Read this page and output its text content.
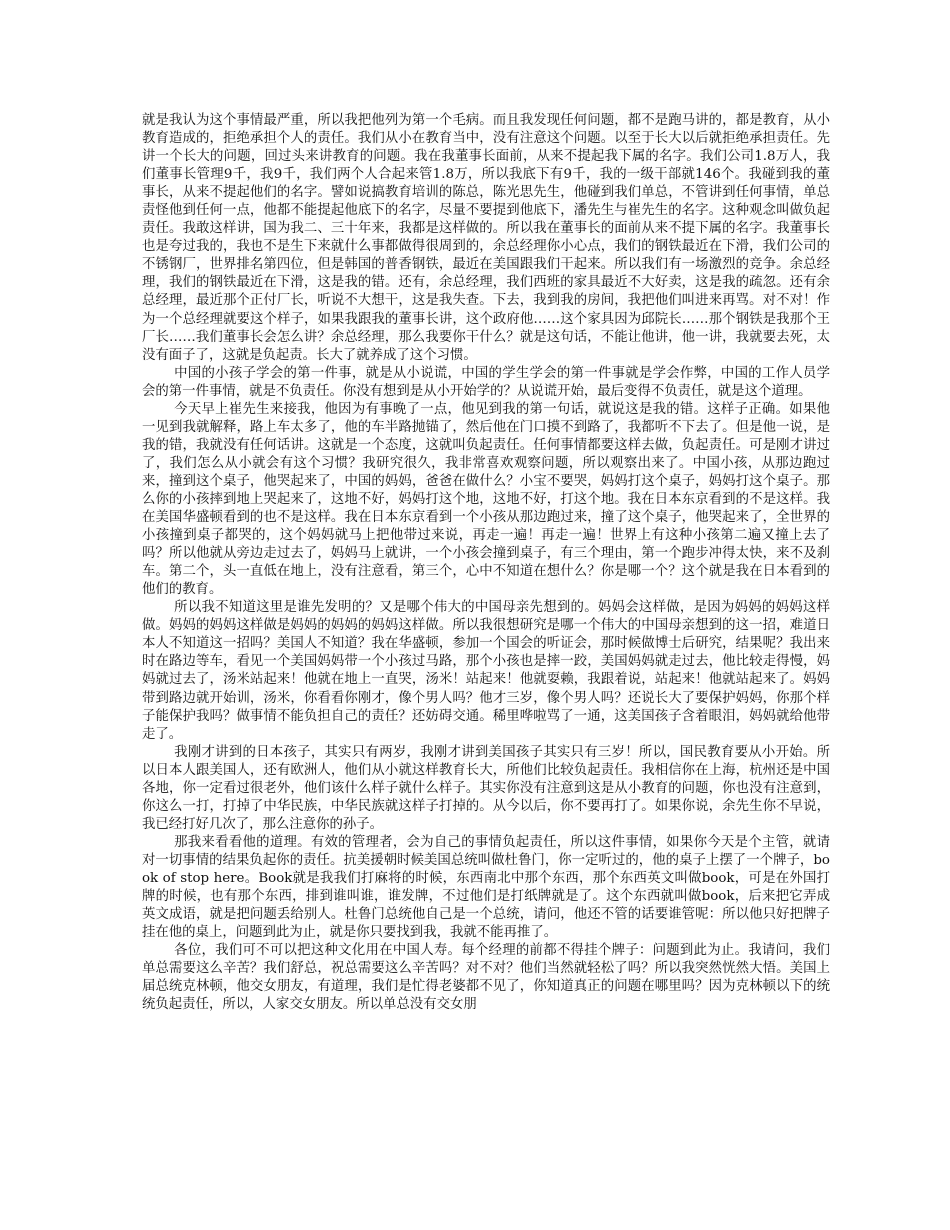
就是我认为这个事情最严重，所以我把他列为第一个毛病。而且我发现任何问题，都不是跑马讲的，都是教育，从小教育造成的，拒绝承担个人的责任。我们从小在教育当中，没有注意这个问题。以至于长大以后就拒绝承担责任。先讲一个长大的问题，回过头来讲教育的问题。我在我董事长面前，从来不提起我下属的名字。我们公司1.8万人，我们董事长管理9千，我9千，我们两个人合起来管1.8万，所以我底下有9千，我的一级干部就146个。我碰到我的董事长，从来不提起他们的名字。譬如说搞教育培训的陈总，陈光思先生，他碰到我们单总，不管讲到任何事情，单总责怪他到任何一点，他都不能提起他底下的名字，尽量不要提到他底下，潘先生与崔先生的名字。这种观念叫做负起责任。我敢这样讲，国为我二、三十年来，我都是这样做的。所以我在董事长的面前从来不提下属的名字。我董事长也是夸过我的，我也不是生下来就什么事都做得很周到的，余总经理你小心点，我们的钢铁最近在下滑，我们公司的不锈钢厂，世界排名第四位，但是韩国的普香钢铁，最近在美国跟我们干起来。所以我们有一场激烈的竞争。余总经理，我们的钢铁最近在下滑，这是我的错。还有，余总经理，我们西班的家具最近不大好卖，这是我的疏忽。还有余总经理，最近那个正付厂长，听说不大想干，这是我失查。下去，我到我的房间，我把他们叫进来再骂。对不对！作为一个总经理就要这个样子，如果我跟我的董事长讲，这个政府他……这个家具因为邱院长……那个钢铁是我那个王厂长……我们董事长会怎么讲？余总经理，那么我要你干什么？就是这句话，不能让他讲，他一讲，我就要去死，太没有面子了，这就是负起责。长大了就养成了这个习惯。

中国的小孩子学会的第一件事，就是从小说谎，中国的学生学会的第一件事就是学会作弊，中国的工作人员学会的第一件事情，就是不负责任。你没有想到是从小开始学的？从说谎开始，最后变得不负责任，就是这个道理。

今天早上崔先生来接我，他因为有事晚了一点，他见到我的第一句话，就说这是我的错。这样子正确。如果他一见到我就解释，路上车太多了，他的车半路抛锚了，然后他在门口摸不到路了，我都听不下去了。但是他一说，是我的错，我就没有任何话讲。这就是一个态度，这就叫负起责任。任何事情都要这样去做，负起责任。可是刚才讲过了，我们怎么从小就会有这个习惯？我研究很久，我非常喜欢观察问题，所以观察出来了。中国小孩，从那边跑过来，撞到这个桌子，他哭起来了，中国的妈妈，爸爸在做什么？小宝不要哭，妈妈打这个桌子，妈妈打这个桌子。那么你的小孩摔到地上哭起来了，这地不好，妈妈打这个地，这地不好，打这个地。我在日本东京看到的不是这样。我在美国华盛顿看到的也不是这样。我在日本东京看到一个小孩从那边跑过来，撞了这个桌子，他哭起来了，全世界的小孩撞到桌子都哭的，这个妈妈就马上把他带过来说，再走一遍！再走一遍！世界上有这种小孩第二遍又撞上去了吗？所以他就从旁边走过去了，妈妈马上就讲，一个小孩会撞到桌子，有三个理由，第一个跑步冲得太快，来不及刹车。第二个，头一直低在地上，没有注意看，第三个，心中不知道在想什么？你是哪一个？这个就是我在日本看到的他们的教育。

所以我不知道这里是谁先发明的？又是哪个伟大的中国母亲先想到的。妈妈会这样做，是因为妈妈的妈妈这样做。妈妈的妈妈这样做是妈妈的妈妈的妈妈这样做。所以我很想研究是哪一个伟大的中国母亲想到的这一招，难道日本人不知道这一招吗？美国人不知道？我在华盛顿，参加一个国会的听证会，那时候做博士后研究，结果呢？我出来时在路边等车，看见一个美国妈妈带一个小孩过马路，那个小孩也是摔一跤，美国妈妈就走过去，他比较走得慢，妈妈就过去了，汤米站起来！他就在地上一直哭，汤米！站起来！他就耍赖，我跟着说，站起来！他就站起来了。妈妈带到路边就开始训，汤米，你看看你刚才，像个男人吗？他才三岁，像个男人吗？还说长大了要保护妈妈，你那个样子能保护我吗？做事情不能负担自己的责任？还妨碍交通。稀里哗啦骂了一通，这美国孩子含着眼泪，妈妈就给他带走了。

我刚才讲到的日本孩子，其实只有两岁，我刚才讲到美国孩子其实只有三岁！所以，国民教育要从小开始。所以日本人跟美国人，还有欧洲人，他们从小就这样教育长大，所他们比较负起责任。我相信你在上海，杭州还是中国各地，你一定看过很老外，他们该什么样子就什么样子。其实你没有注意到这是从小教育的问题，你也没有注意到，你这么一打，打掉了中华民族，中华民族就这样子打掉的。从今以后，你不要再打了。如果你说，余先生你不早说，我已经打好几次了，那么注意你的孙子。

那我来看看他的道理。有效的管理者，会为自己的事情负起责任，所以这件事情，如果你今天是个主管，就请对一切事情的结果负起你的责任。抗美援朝时候美国总统叫做杜鲁门，你一定听过的，他的桌子上摆了一个牌子，book of stop here。Book就是我我们打麻将的时候，东西南北中那个东西，那个东西英文叫做book，可是在外国打牌的时候，也有那个东西，排到谁叫谁，谁发牌，不过他们是打纸牌就是了。这个东西就叫做book，后来把它弄成英文成语，就是把问题丢给别人。杜鲁门总统他自己是一个总统，请问，他还不管的话要谁管呢：所以他只好把牌子挂在他的桌上，问题到此为止，就是你只要找到我，我就不能再推了。

各位，我们可不可以把这种文化用在中国人寿。每个经理的前都不得挂个牌子：问题到此为止。我请问，我们单总需要这么辛苦？我们舒总，祝总需要这么辛苦吗？对不对？他们当然就轻松了吗？所以我突然恍然大悟。美国上届总统克林顿，他交女朋友，有道理，我们是忙得老婆都不见了，你知道真正的问题在哪里吗？因为克林顿以下的统统负起责任，所以，人家交女朋友。所以单总没有交女朋
